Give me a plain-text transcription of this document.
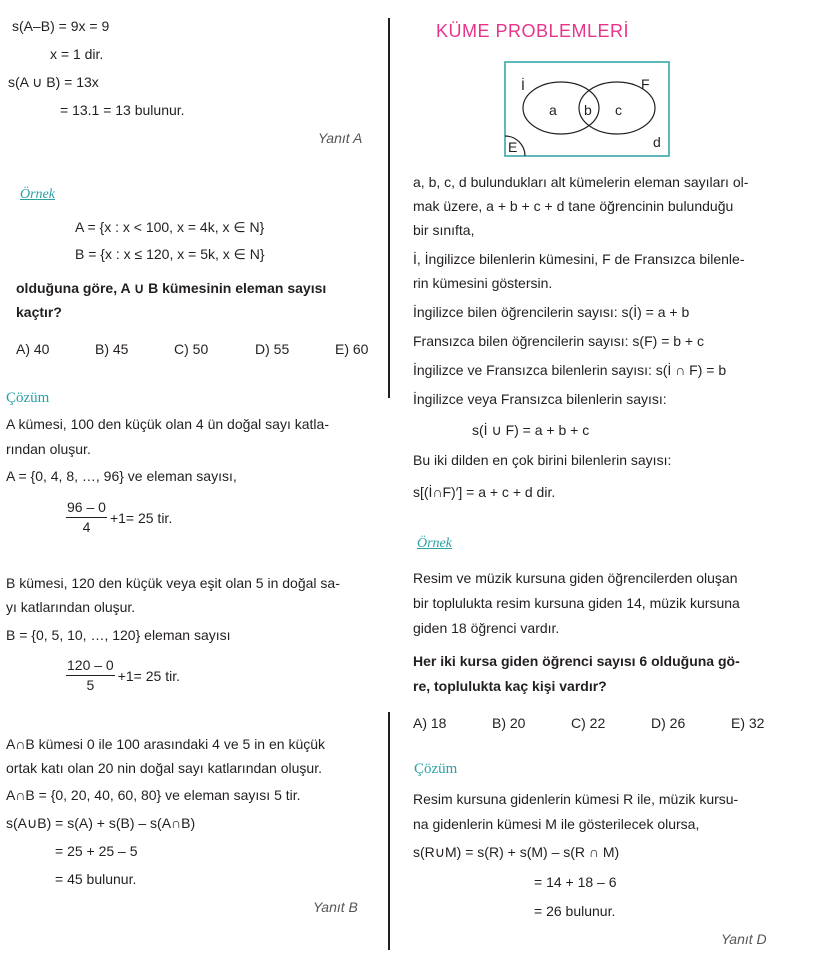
s(A–B) = 9x = 9
x = 1 dir.
s(A ∪ B) = 13x
= 13.1 = 13 bulunur.
Yanıt A
Örnek
A = {x : x < 100, x = 4k, x ∈ N}
B = {x : x ≤ 120, x = 5k, x ∈ N}
olduğuna göre, A ∪ B kümesinin eleman sayısı
kaçtır?
A) 40	B) 45	C) 50	D) 55	E) 60
Çözüm
A kümesi, 100 den küçük olan 4 ün doğal sayı katla-
rından oluşur.
A = {0, 4, 8, …, 96} ve eleman sayısı,
$\frac{96 - 0}{4} +1= 25$ tir.
B kümesi, 120 den küçük veya eşit olan 5 in doğal sa-
yı katlarından oluşur.
B = {0, 5, 10, …, 120} eleman sayısı
$\frac{120 - 0}{5} +1= 25$ tir.
A∩B kümesi 0 ile 100 arasındaki 4 ve 5 in en küçük
ortak katı olan 20 nin doğal sayı katlarından oluşur.
A∩B = {0, 20, 40, 60, 80} ve eleman sayısı 5 tir.
s(A∪B) = s(A) + s(B) – s(A∩B)
= 25 + 25 – 5
= 45 bulunur.
Yanıt B
KÜME PROBLEMLERİ
İ	F
a b c
d
E
a, b, c, d bulundukları alt kümelerin eleman sayıları ol-
mak üzere, a + b + c + d tane öğrencinin bulunduğu
bir sınıfta,
İ, İngilizce bilenlerin kümesini, F de Fransızca bilenle-
rin kümesini göstersin.
İngilizce bilen öğrencilerin sayısı: s(İ) = a + b
Fransızca bilen öğrencilerin sayısı: s(F) = b + c
İngilizce ve Fransızca bilenlerin sayısı: s(İ ∩ F) = b
İngilizce veya Fransızca bilenlerin sayısı:
s(İ ∪ F) = a + b + c
Bu iki dilden en çok birini bilenlerin sayısı:
s[(İ∩F)′] = a + c + d dir.
Örnek
Resim ve müzik kursuna giden öğrencilerden oluşan
bir toplulukta resim kursuna giden 14, müzik kursuna
giden 18 öğrenci vardır.
Her iki kursa giden öğrenci sayısı 6 olduğuna gö-
re, toplulukta kaç kişi vardır?
A) 18	B) 20	C) 22	D) 26	E) 32
Çözüm
Resim kursuna gidenlerin kümesi R ile, müzik kursu-
na gidenlerin kümesi M ile gösterilecek olursa,
s(R∪M) = s(R) + s(M) – s(R ∩ M)
= 14 + 18 – 6
= 26 bulunur.
Yanıt D
